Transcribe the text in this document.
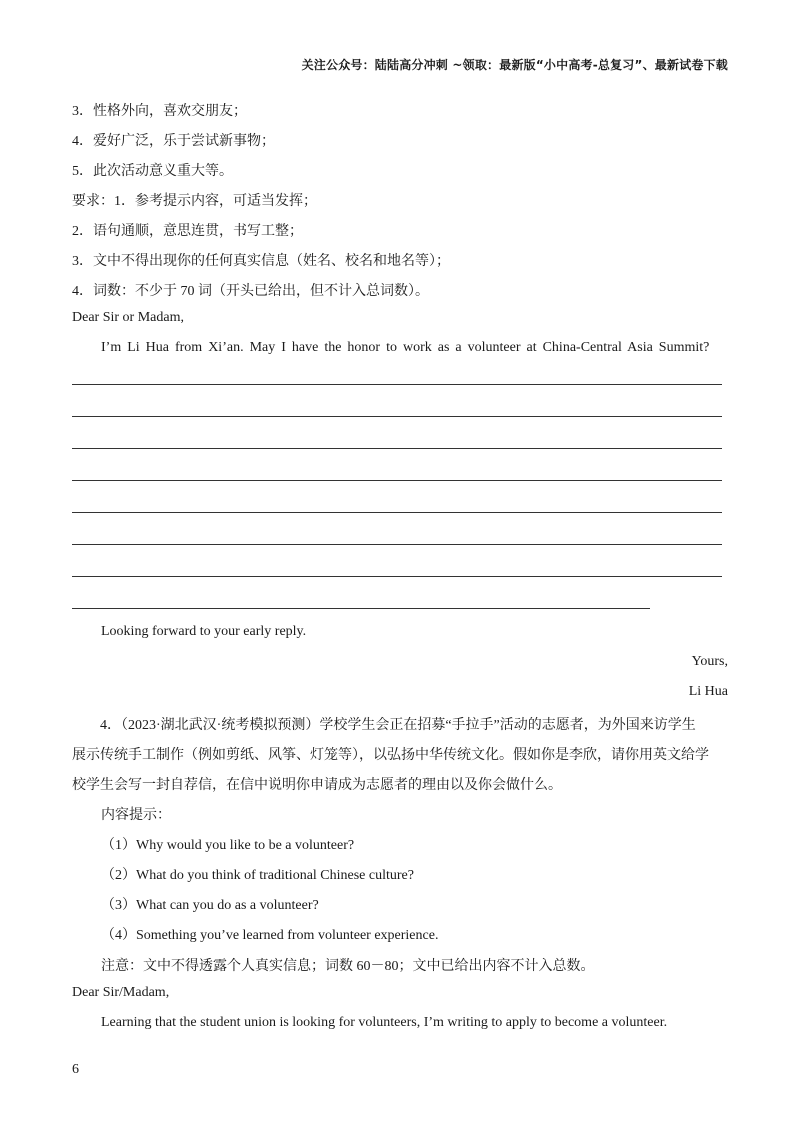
关注公众号：陆陆高分冲刺 ~领取：最新版“小中高考-总复习”、最新试卷下载
3．性格外向，喜欢交朋友；
4．爱好广泛，乐于尝试新事物；
5．此次活动意义重大等。
要求：1．参考提示内容，可适当发挥；
2．语句通顺，意思连贯，书写工整；
3．文中不得出现你的任何真实信息（姓名、校名和地名等）；
4．词数：不少于 70 词（开头已给出，但不计入总词数）。
Dear Sir or Madam,
I’m Li Hua from Xi’an. May I have the honor to work as a volunteer at China-Central Asia Summit?
Looking forward to your early reply.
Yours,
Li Hua
4．（2023·湖北武汉·统考模拟预测）学校学生会正在招募“手拉手”活动的志愿者，为外国来访学生
展示传统手工制作（例如剪纸、风筝、灯笼等），以弘扬中华传统文化。假如你是李欣，请你用英文给学
校学生会写一封自荐信，在信中说明你申请成为志愿者的理由以及你会做什么。
内容提示：
（1）Why would you like to be a volunteer?
（2）What do you think of traditional Chinese culture?
（3）What can you do as a volunteer?
（4）Something you’ve learned from volunteer experience.
注意：文中不得透露个人真实信息；词数 60－80；文中已给出内容不计入总数。
Dear Sir/Madam,
Learning that the student union is looking for volunteers, I’m writing to apply to become a volunteer.
6
